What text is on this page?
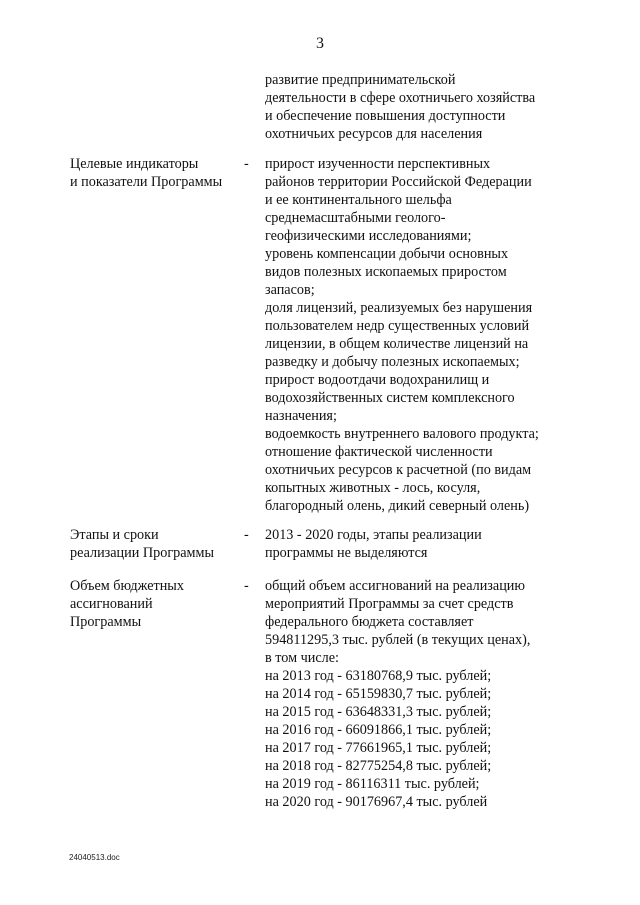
3
развитие предпринимательской
деятельности в сфере охотничьего хозяйства
и обеспечение повышения доступности
охотничьих ресурсов для населения
Целевые индикаторы
и показатели Программы
- прирост изученности перспективных
районов территории Российской Федерации
и ее континентального шельфа
среднемасштабными геолого-
геофизическими исследованиями;
уровень компенсации добычи основных
видов полезных ископаемых приростом
запасов;
доля лицензий, реализуемых без нарушения
пользователем недр существенных условий
лицензии, в общем количестве лицензий на
разведку и добычу полезных ископаемых;
прирост водоотдачи водохранилищ и
водохозяйственных систем комплексного
назначения;
водоемкость внутреннего валового продукта;
отношение фактической численности
охотничьих ресурсов к расчетной (по видам
копытных животных - лось, косуля,
благородный олень, дикий северный олень)
Этапы и сроки
реализации Программы
- 2013 - 2020 годы, этапы реализации
программы не выделяются
Объем бюджетных
ассигнований
Программы
- общий объем ассигнований на реализацию
мероприятий Программы за счет средств
федерального бюджета составляет
594811295,3 тыс. рублей (в текущих ценах),
в том числе:
на 2013 год - 63180768,9 тыс. рублей;
на 2014 год - 65159830,7 тыс. рублей;
на 2015 год - 63648331,3 тыс. рублей;
на 2016 год - 66091866,1 тыс. рублей;
на 2017 год - 77661965,1 тыс. рублей;
на 2018 год - 82775254,8 тыс. рублей;
на 2019 год - 86116311 тыс. рублей;
на 2020 год - 90176967,4 тыс. рублей
24040513.doc
